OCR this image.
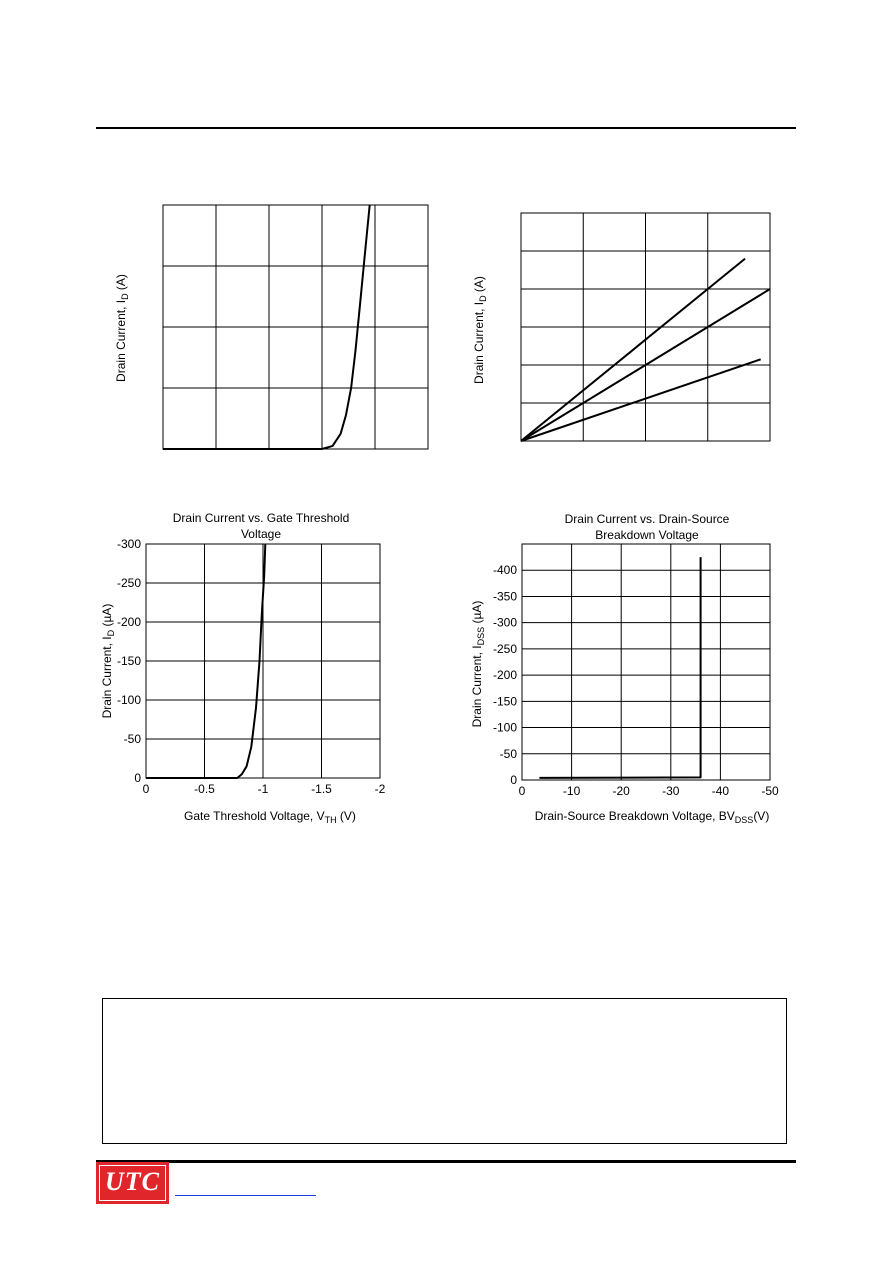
Drain Current, $I_D$ (A)
Drain Current, $I_D$ (A)
Drain Current vs. Gate Threshold
Voltage
0	-0.5	-1	-1.5	-2
0
-50
-100
-150
-200
-250
-300
Drain Current, $I_D$ (µA)
Gate Threshold Voltage, $V_{TH}$ (V)
Drain Current vs. Drain-Source
Breakdown Voltage
0	-10	-20	-30	-40	-50
0
-50
-100
-150
-200
-250
-300
-350
-400
Drain Current, $I_{DSS}$ (µA)
Drain-Source Breakdown Voltage, $BV_{DSS}(V)$
UTC
